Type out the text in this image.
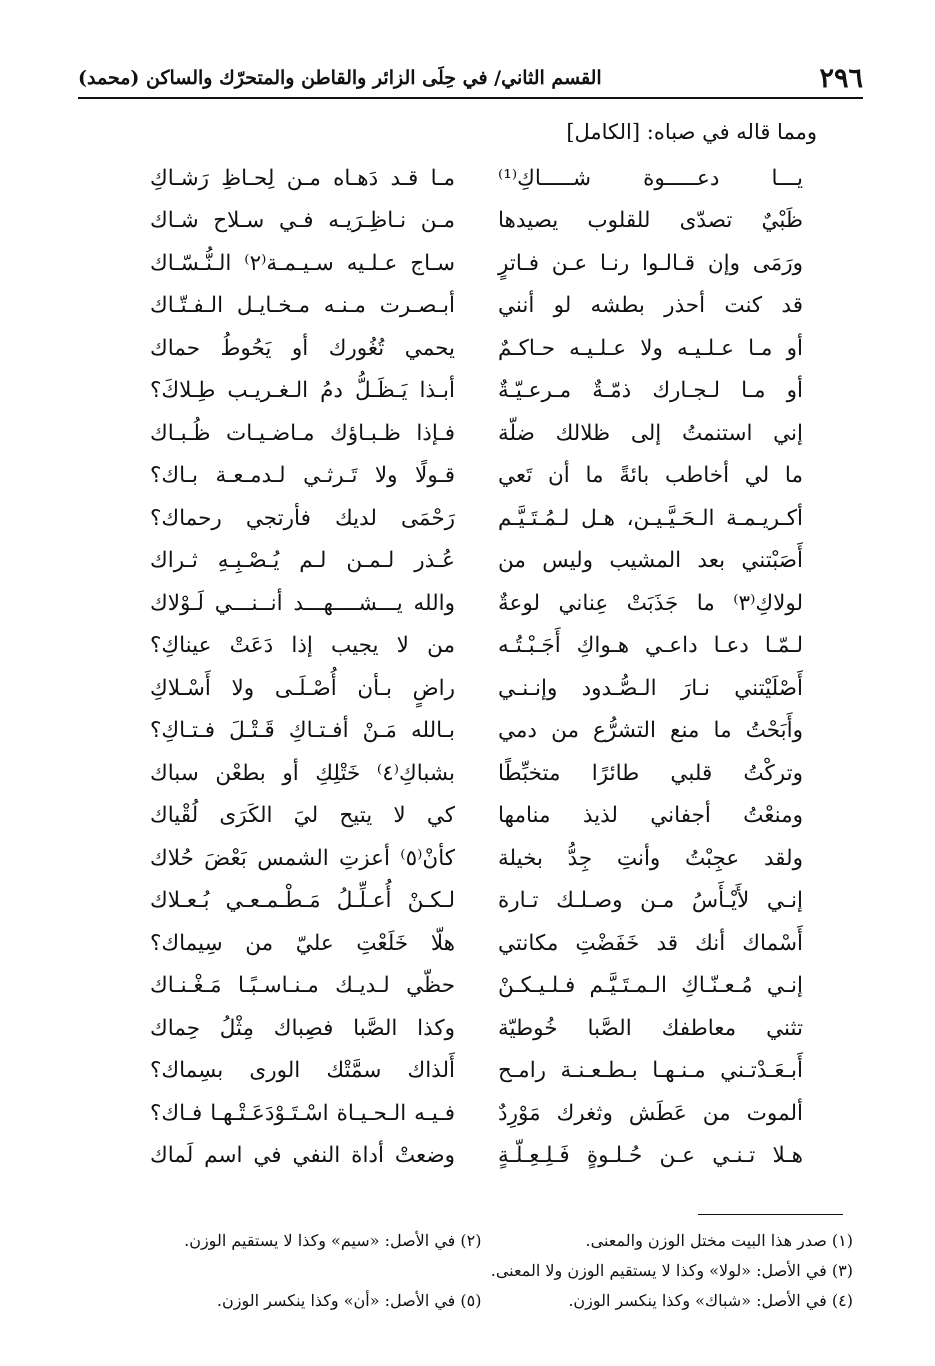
٢٩٦
القسم الثاني/ في حِلَى الزائر والقاطن والمتحرّك والساكن (محمد)
ومما قاله في صباه: [الكامل]
يـــا دعـــــوة شـــــاكِ⁽¹⁾
مـا قـد دَهـاه مـن لِحـاظِ رَشـاكِ
ظَبْيٌ تصدّى للقلوب يصيدها
مـن نـاظِـرَيـه فـي سـلاح شـاك
ورَمَى وإن قـالـوا رنـا عـن فـاترٍ
سـاج عـلـيه سـيـمـة⁽٢⁾ الـنُّـسّـاك
قد كنت أحذر بطشه لو أنني
أبـصـرت مـنـه مـخـايـل الـفـتّـاك
أو مـا عـلـيـه ولا عـلـيـه حـاكـمٌ
يحمي تُغُورك أو يَحُوطُ حماك
أو مـا لـجـارك ذمّـةٌ مـرعـيّـةٌ
أبـذا يَـظَـلُّ دمُ الـغـريـب طِـلاكَ؟
إني استنمتُ إلى ظلالك ضلّة
فـإذا ظـبـاؤك مـاضـيـات ظُـبـاك
ما لي أخاطب بائةً ما أن تَعي
قـولًا ولا تَـرثـي لـدمـعـة بـاك؟
أكـريـمـة الـحَـيَّـيـن، هـل لـمُـتَـيَّـم
رَحْمَى لديك فأرتجي رحماك؟
أَصَبْتني بعد المشيب وليس من
عُـذر لـمـن لـم يُـصْـبِـهِ ثـراك
لولاكِ⁽٣⁾ ما جَذَبَتْ عِناني لوعةٌ
والله يـــشــــهـــد أنــنـــي لَـوْلاك
لـمّـا دعـا داعـي هـواكِ أَجَـبْـتُـه
من لا يجيب إذا دَعَتْ عيناكِ؟
أَصْلَيْتني نـارَ الـصُّـدود وإنـنـي
راضٍ بـأن أُصْـلَـى ولا أَسْـلاكِ
وأَبَحْتُ ما منع التشرُّع من دمي
بـالله مَـنْ أفـتـاكِ قَـتْـلَ فـتـاكِ؟
وتركْتُ قلبي طائرًا متخبِّطًا
بشباكِ⁽٤⁾ خَتْلِكِ أو بطعْن سباك
ومنعْتُ أجفاني لذيذ منامها
كي لا يتيح ليَ الكَرَى لُقْياك
ولقد عجِبْتُ وأنتِ جِدُّ بخيلة
كأنْ⁽٥⁾ أعزتِ الشمس بَعْضَ حُلاك
إنـي لأَيْـأَسُ مـن وصـلـك تـارة
لـكـنْ أُعـلِّـلُ مَـطْـمـعـي بُـعـلاك
أَسْماك أنك قد خَفَضْتِ مكانتي
هلّا خَلَعْتِ عليّ من سِيماك؟
إنـي مُـعـنّـاكِ الـمـتَـيَّـم فـلـيـكـنْ
حظّي لـديـك مـنـاسـبًـا مَـغْـنـاك
تثني معاطفك الصَّبا خُوطيّة
وكذا الصَّبا فصِباك مِثْلُ حِماك
أَبـعَـدْتـني مـنـهـا بـطـعـنـة رامـح
أَلذاك سمَّتْك الورى بسِماك؟
ألموت من عَطَش وثغرك مَوْرِدٌ
فـيـه الـحـيـاة اسْـتَـوْدَعَـتْـهـا فـاك؟
هـلا تـنـي عـن حُـلـوةٍ فَـلِـعِـلّـةٍ
وضعتْ أداة النفي في اسم لَماك
(١) صدر هذا البيت مختل الوزن والمعنى.
(٢) في الأصل: «سيم» وكذا لا يستقيم الوزن.
(٣) في الأصل: «لولا» وكذا لا يستقيم الوزن ولا المعنى.
(٤) في الأصل: «شباك» وكذا ينكسر الوزن.
(٥) في الأصل: «أن» وكذا ينكسر الوزن.
